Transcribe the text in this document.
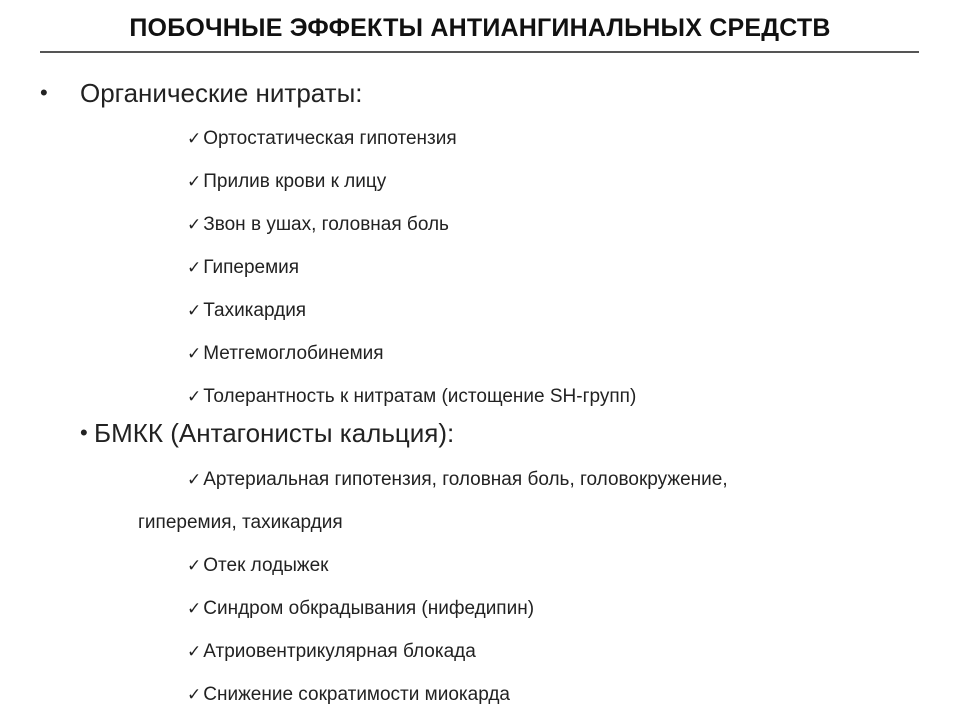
ПОБОЧНЫЕ ЭФФЕКТЫ АНТИАНГИНАЛЬНЫХ СРЕДСТВ
• Органические нитраты:
✓ Ортостатическая гипотензия
✓ Прилив крови к лицу
✓ Звон в ушах, головная боль
✓ Гиперемия
✓ Тахикардия
✓ Метгемоглобинемия
✓ Толерантность к нитратам (истощение SH-групп)
• БМКК (Антагонисты кальция):
✓ Артериальная гипотензия, головная боль, головокружение,
гиперемия, тахикардия
✓ Отек лодыжек
✓ Синдром обкрадывания (нифедипин)
✓ Атриовентрикулярная блокада
✓ Снижение сократимости миокарда
